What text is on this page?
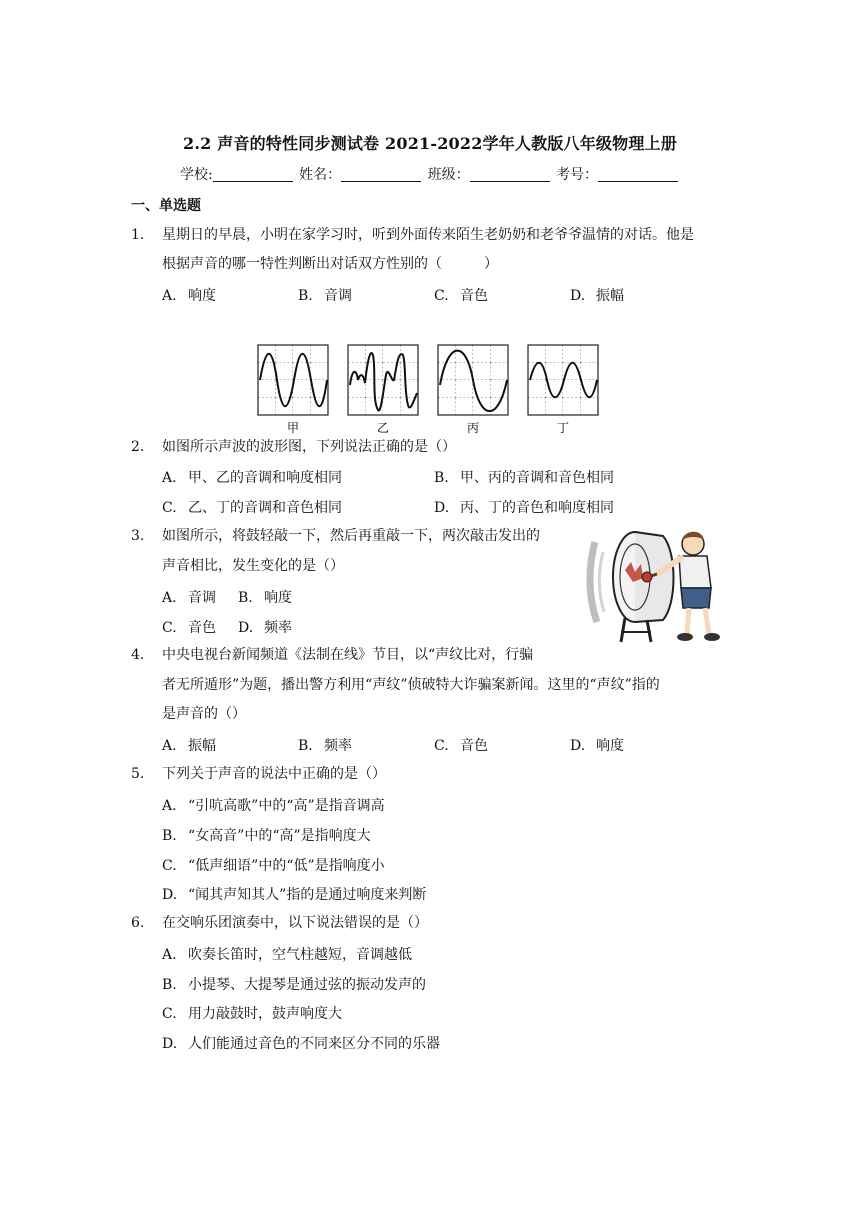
2.2 声音的特性同步测试卷 2021-2022学年人教版八年级物理上册
学校:	姓名：	班级：	考号：
一、单选题
1.	星期日的早晨，小明在家学习时，听到外面传来陌生老奶奶和老爷爷温情的对话。他是
根据声音的哪一特性判断出对话双方性别的（　　　）
A. 响度	B. 音调	C. 音色	D. 振幅
甲	乙	丙	丁
2.	如图所示声波的波形图，下列说法正确的是（）
A. 甲、乙的音调和响度相同	B. 甲、丙的音调和音色相同
C. 乙、丁的音调和音色相同	D. 丙、丁的音色和响度相同
3.	如图所示，将鼓轻敲一下，然后再重敲一下，两次敲击发出的
声音相比，发生变化的是（）
A. 音调 B. 响度
C. 音色 D. 频率
4.	中央电视台新闻频道《法制在线》节目，以“声纹比对，行骗
者无所遁形”为题，播出警方利用“声纹”侦破特大诈骗案新闻。这里的“声纹”指的
是声音的（）
A. 振幅	B. 频率	C. 音色	D. 响度
5.	下列关于声音的说法中正确的是（）
A. “引吭高歌”中的“高”是指音调高
B. “女高音”中的“高”是指响度大
C. “低声细语”中的“低”是指响度小
D. “闻其声知其人”指的是通过响度来判断
6.	在交响乐团演奏中，以下说法错误的是（）
A. 吹奏长笛时，空气柱越短，音调越低
B. 小提琴、大提琴是通过弦的振动发声的
C. 用力敲鼓时，鼓声响度大
D. 人们能通过音色的不同来区分不同的乐器
